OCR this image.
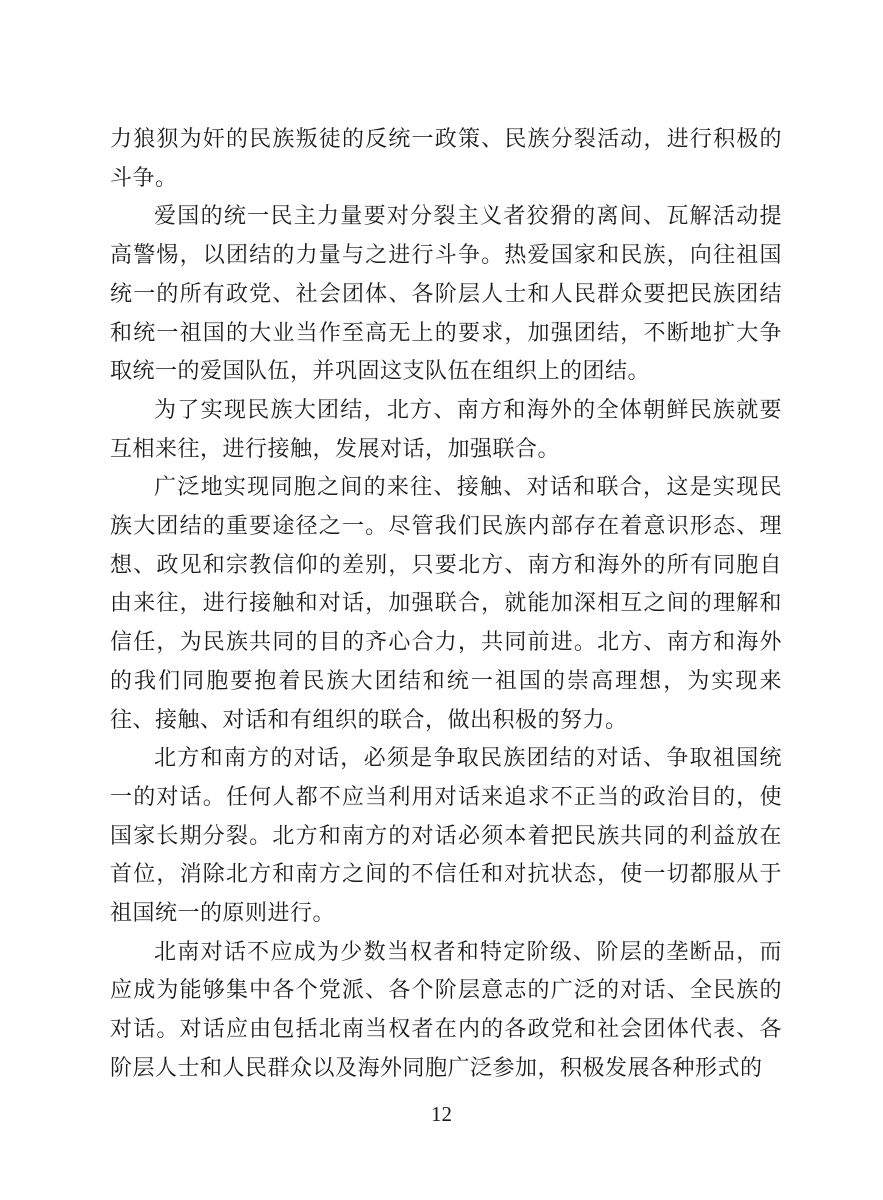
力狼狈为奸的民族叛徒的反统一政策、民族分裂活动，进行积极的斗争。

爱国的统一民主力量要对分裂主义者狡猾的离间、瓦解活动提高警惕，以团结的力量与之进行斗争。热爱国家和民族，向往祖国统一的所有政党、社会团体、各阶层人士和人民群众要把民族团结和统一祖国的大业当作至高无上的要求，加强团结，不断地扩大争取统一的爱国队伍，并巩固这支队伍在组织上的团结。

为了实现民族大团结，北方、南方和海外的全体朝鲜民族就要互相来往，进行接触，发展对话，加强联合。

广泛地实现同胞之间的来往、接触、对话和联合，这是实现民族大团结的重要途径之一。尽管我们民族内部存在着意识形态、理想、政见和宗教信仰的差别，只要北方、南方和海外的所有同胞自由来往，进行接触和对话，加强联合，就能加深相互之间的理解和信任，为民族共同的目的齐心合力，共同前进。北方、南方和海外的我们同胞要抱着民族大团结和统一祖国的崇高理想，为实现来往、接触、对话和有组织的联合，做出积极的努力。

北方和南方的对话，必须是争取民族团结的对话、争取祖国统一的对话。任何人都不应当利用对话来追求不正当的政治目的，使国家长期分裂。北方和南方的对话必须本着把民族共同的利益放在首位，消除北方和南方之间的不信任和对抗状态，使一切都服从于祖国统一的原则进行。

北南对话不应成为少数当权者和特定阶级、阶层的垄断品，而应成为能够集中各个党派、各个阶层意志的广泛的对话、全民族的对话。对话应由包括北南当权者在内的各政党和社会团体代表、各阶层人士和人民群众以及海外同胞广泛参加，积极发展各种形式的

12
